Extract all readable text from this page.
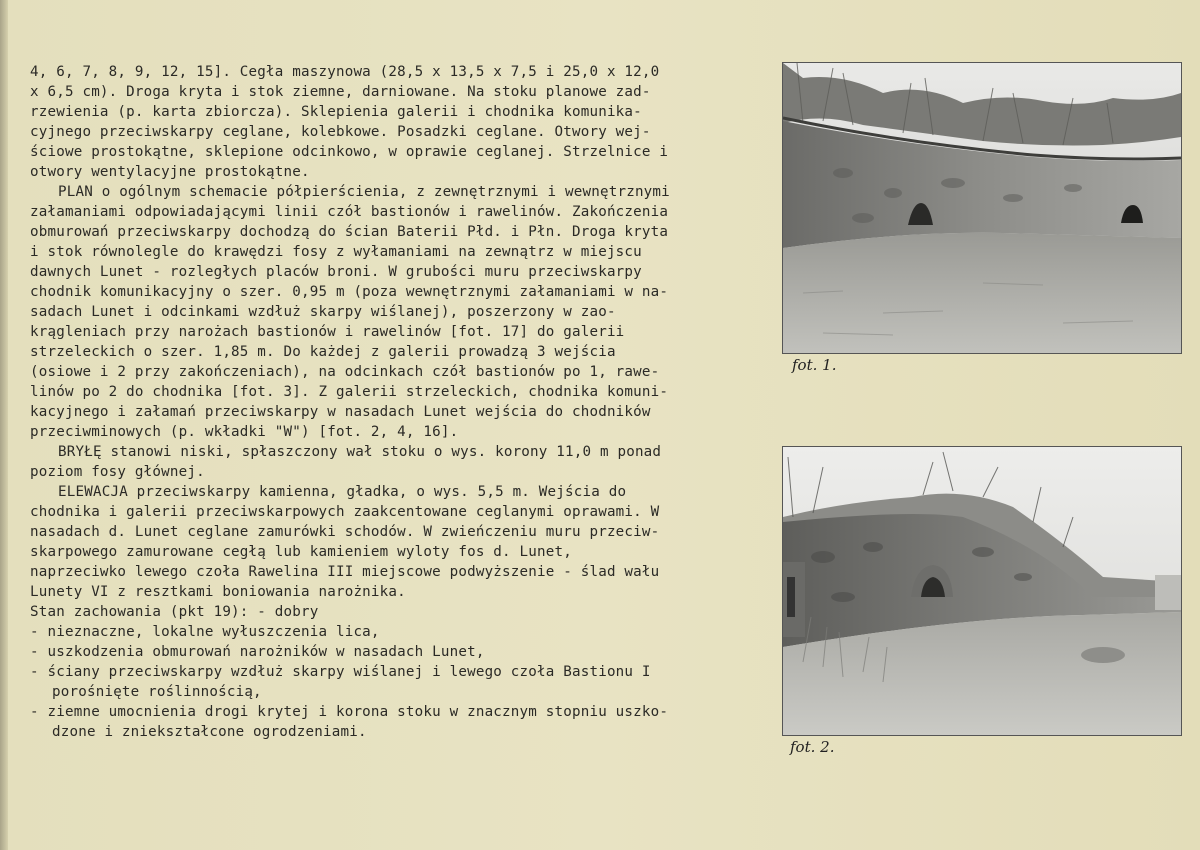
4, 6, 7, 8, 9, 12, 15]. Cegła maszynowa (28,5 x 13,5 x 7,5 i 25,0 x 12,0
x 6,5 cm). Droga kryta i stok ziemne, darniowane. Na stoku planowe zad-
rzewienia (p. karta zbiorcza). Sklepienia galerii i chodnika komunika-
cyjnego przeciwskarpy ceglane, kolebkowe. Posadzki ceglane. Otwory wej-
ściowe prostokątne, sklepione odcinkowo, w oprawie ceglanej. Strzelnice i
otwory wentylacyjne prostokątne.
PLAN o ogólnym schemacie półpierścienia, z zewnętrznymi i wewnętrznymi
załamaniami odpowiadającymi linii czół bastionów i rawelinów. Zakończenia
obmurowań przeciwskarpy dochodzą do ścian Baterii Płd. i Płn. Droga kryta
i stok równolegle do krawędzi fosy z wyłamaniami na zewnątrz w miejscu
dawnych Lunet - rozległych placów broni. W grubości muru przeciwskarpy
chodnik komunikacyjny o szer. 0,95 m (poza wewnętrznymi załamaniami w na-
sadach Lunet i odcinkami wzdłuż skarpy wiślanej), poszerzony w zao-
krągleniach przy narożach bastionów i rawelinów [fot. 17] do galerii
strzeleckich o szer. 1,85 m. Do każdej z galerii prowadzą 3 wejścia
(osiowe i 2 przy zakończeniach), na odcinkach czół bastionów po 1, rawe-
linów po 2 do chodnika [fot. 3]. Z galerii strzeleckich, chodnika komuni-
kacyjnego i załamań przeciwskarpy w nasadach Lunet wejścia do chodników
przeciwminowych (p. wkładki "W") [fot. 2, 4, 16].
BRYŁĘ stanowi niski, spłaszczony wał stoku o wys. korony 11,0 m ponad
poziom fosy głównej.
ELEWACJA przeciwskarpy kamienna, gładka, o wys. 5,5 m. Wejścia do
chodnika i galerii przeciwskarpowych zaakcentowane ceglanymi oprawami. W
nasadach d. Lunet ceglane zamurówki schodów. W zwieńczeniu muru przeciw-
skarpowego zamurowane cegłą lub kamieniem wyloty fos d. Lunet,
naprzeciwko lewego czoła Rawelina III miejscowe podwyższenie - ślad wału
Lunety VI z resztkami boniowania narożnika.
Stan zachowania (pkt 19): - dobry
- nieznaczne, lokalne wyłuszczenia lica,
- uszkodzenia obmurowań narożników w nasadach Lunet,
- ściany przeciwskarpy wzdłuż skarpy wiślanej i lewego czoła Bastionu I
porośnięte roślinnością,
- ziemne umocnienia drogi krytej i korona stoku w znacznym stopniu uszko-
dzone i zniekształcone ogrodzeniami.
fot. 1.
fot. 2.
